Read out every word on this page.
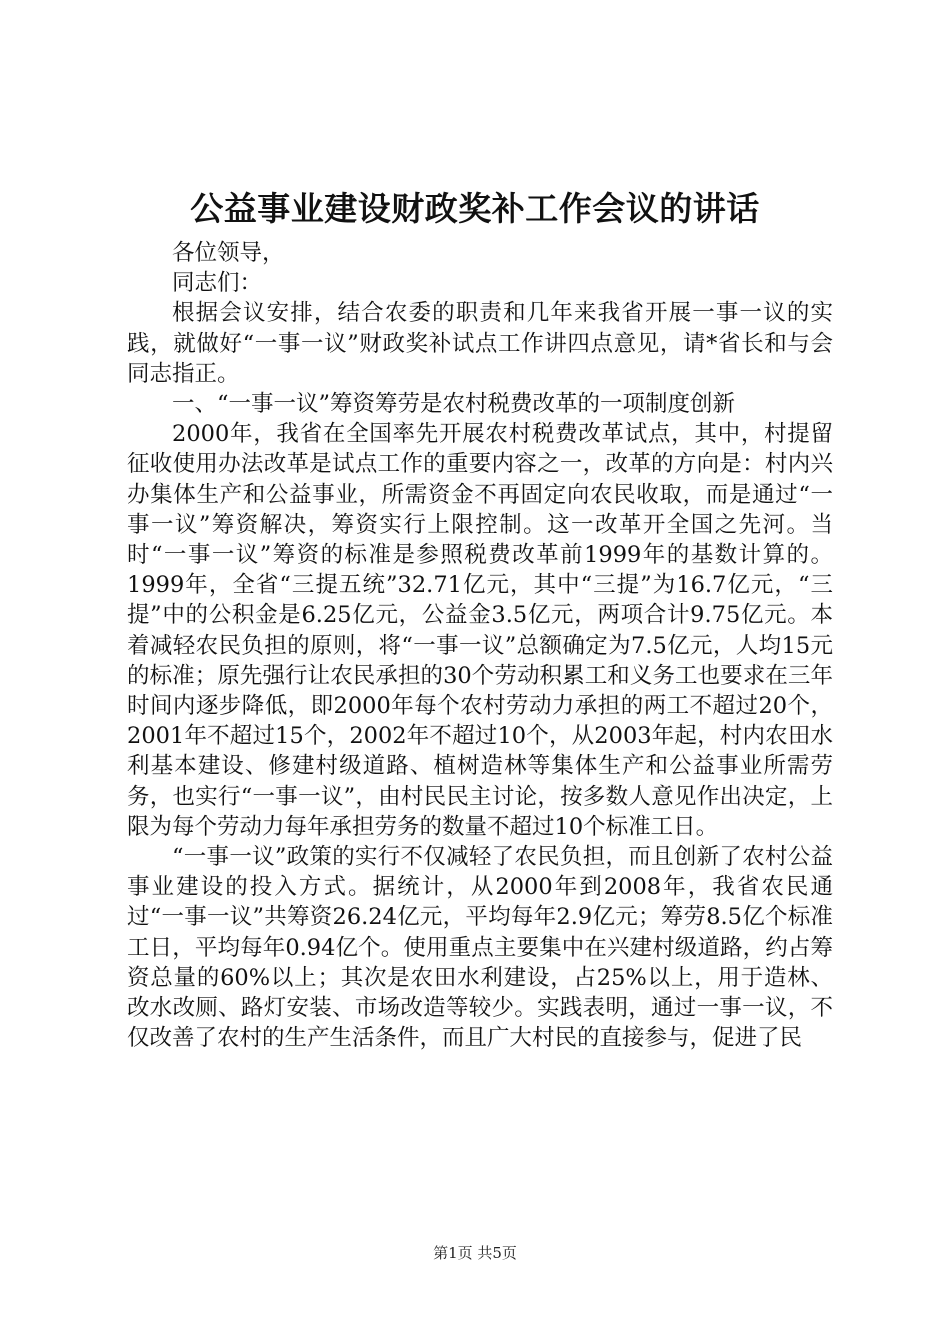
公益事业建设财政奖补工作会议的讲话

各位领导，

同志们：

根据会议安排，结合农委的职责和几年来我省开展一事一议的实践，就做好“一事一议”财政奖补试点工作讲四点意见，请*省长和与会同志指正。

一、“一事一议”筹资筹劳是农村税费改革的一项制度创新

2000年，我省在全国率先开展农村税费改革试点，其中，村提留征收使用办法改革是试点工作的重要内容之一，改革的方向是：村内兴办集体生产和公益事业，所需资金不再固定向农民收取，而是通过“一事一议”筹资解决，筹资实行上限控制。这一改革开全国之先河。当时“一事一议”筹资的标准是参照税费改革前1999年的基数计算的。1999年，全省“三提五统”32.71亿元，其中“三提”为16.7亿元，“三提”中的公积金是6.25亿元，公益金3.5亿元，两项合计9.75亿元。本着减轻农民负担的原则，将“一事一议”总额确定为7.5亿元，人均15元的标准；原先强行让农民承担的30个劳动积累工和义务工也要求在三年时间内逐步降低，即2000年每个农村劳动力承担的两工不超过20个，2001年不超过15个，2002年不超过10个，从2003年起，村内农田水利基本建设、修建村级道路、植树造林等集体生产和公益事业所需劳务，也实行“一事一议”，由村民民主讨论，按多数人意见作出决定，上限为每个劳动力每年承担劳务的数量不超过10个标准工日。

“一事一议”政策的实行不仅减轻了农民负担，而且创新了农村公益事业建设的投入方式。据统计，从2000年到2008年，我省农民通过“一事一议”共筹资26.24亿元，平均每年2.9亿元；筹劳8.5亿个标准工日，平均每年0.94亿个。使用重点主要集中在兴建村级道路，约占筹资总量的60%以上；其次是农田水利建设，占25%以上，用于造林、改水改厕、路灯安装、市场改造等较少。实践表明，通过一事一议，不仅改善了农村的生产生活条件，而且广大村民的直接参与，促进了民

第1页 共5页
